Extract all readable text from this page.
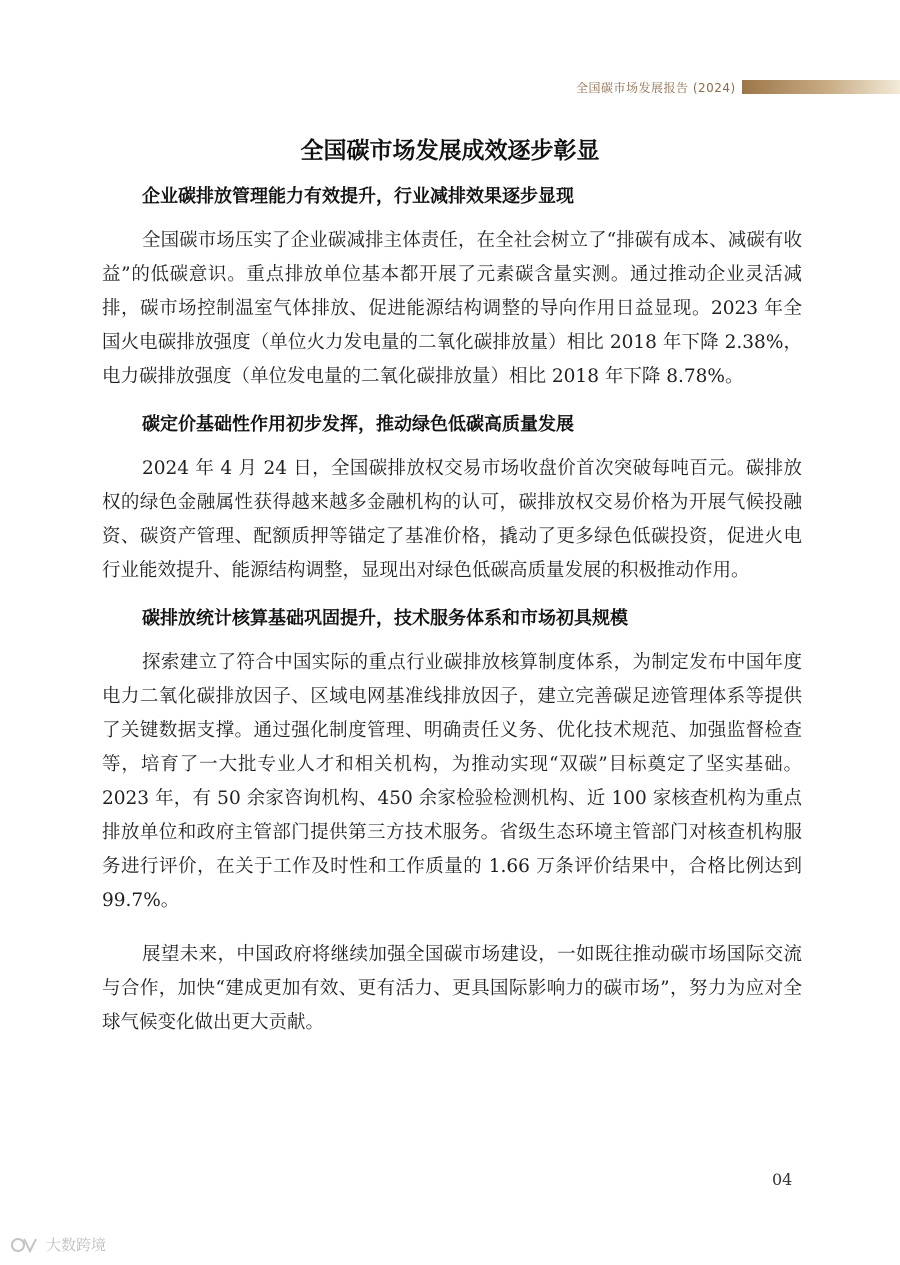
全国碳市场发展报告 (2024)
全国碳市场发展成效逐步彰显
企业碳排放管理能力有效提升，行业减排效果逐步显现

全国碳市场压实了企业碳减排主体责任，在全社会树立了“排碳有成本、减碳有收益”的低碳意识。重点排放单位基本都开展了元素碳含量实测。通过推动企业灵活减排，碳市场控制温室气体排放、促进能源结构调整的导向作用日益显现。2023 年全国火电碳排放强度（单位火力发电量的二氧化碳排放量）相比 2018 年下降 2.38%，电力碳排放强度（单位发电量的二氧化碳排放量）相比 2018 年下降 8.78%。

碳定价基础性作用初步发挥，推动绿色低碳高质量发展

2024 年 4 月 24 日，全国碳排放权交易市场收盘价首次突破每吨百元。碳排放权的绿色金融属性获得越来越多金融机构的认可，碳排放权交易价格为开展气候投融资、碳资产管理、配额质押等锚定了基准价格，撬动了更多绿色低碳投资，促进火电行业能效提升、能源结构调整，显现出对绿色低碳高质量发展的积极推动作用。

碳排放统计核算基础巩固提升，技术服务体系和市场初具规模

探索建立了符合中国实际的重点行业碳排放核算制度体系，为制定发布中国年度电力二氧化碳排放因子、区域电网基准线排放因子，建立完善碳足迹管理体系等提供了关键数据支撑。通过强化制度管理、明确责任义务、优化技术规范、加强监督检查等，培育了一大批专业人才和相关机构，为推动实现“双碳”目标奠定了坚实基础。2023 年，有 50 余家咨询机构、450 余家检验检测机构、近 100 家核查机构为重点排放单位和政府主管部门提供第三方技术服务。省级生态环境主管部门对核查机构服务进行评价，在关于工作及时性和工作质量的 1.66 万条评价结果中，合格比例达到 99.7%。

展望未来，中国政府将继续加强全国碳市场建设，一如既往推动碳市场国际交流与合作，加快“建成更加有效、更有活力、更具国际影响力的碳市场”，努力为应对全球气候变化做出更大贡献。

04
大数跨境
